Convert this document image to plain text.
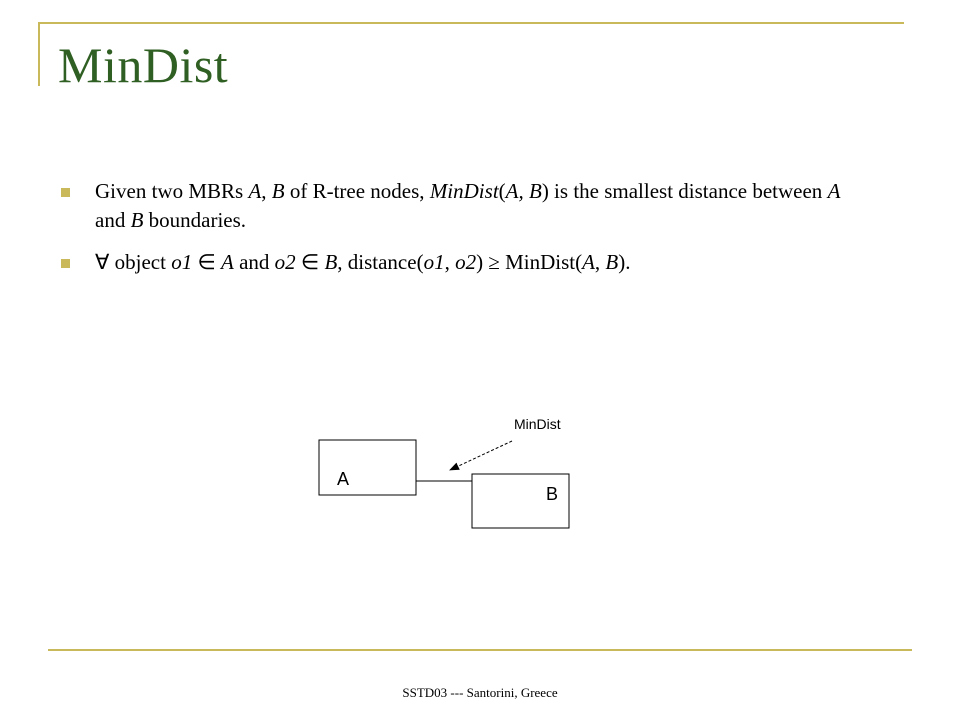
MinDist
Given two MBRs A, B of R-tree nodes, MinDist(A, B) is the smallest distance between A and B boundaries.
∀ object o1 ∈ A and o2 ∈ B, distance(o1, o2) ≥ MinDist(A, B).
A
B
MinDist
SSTD03 --- Santorini, Greece
